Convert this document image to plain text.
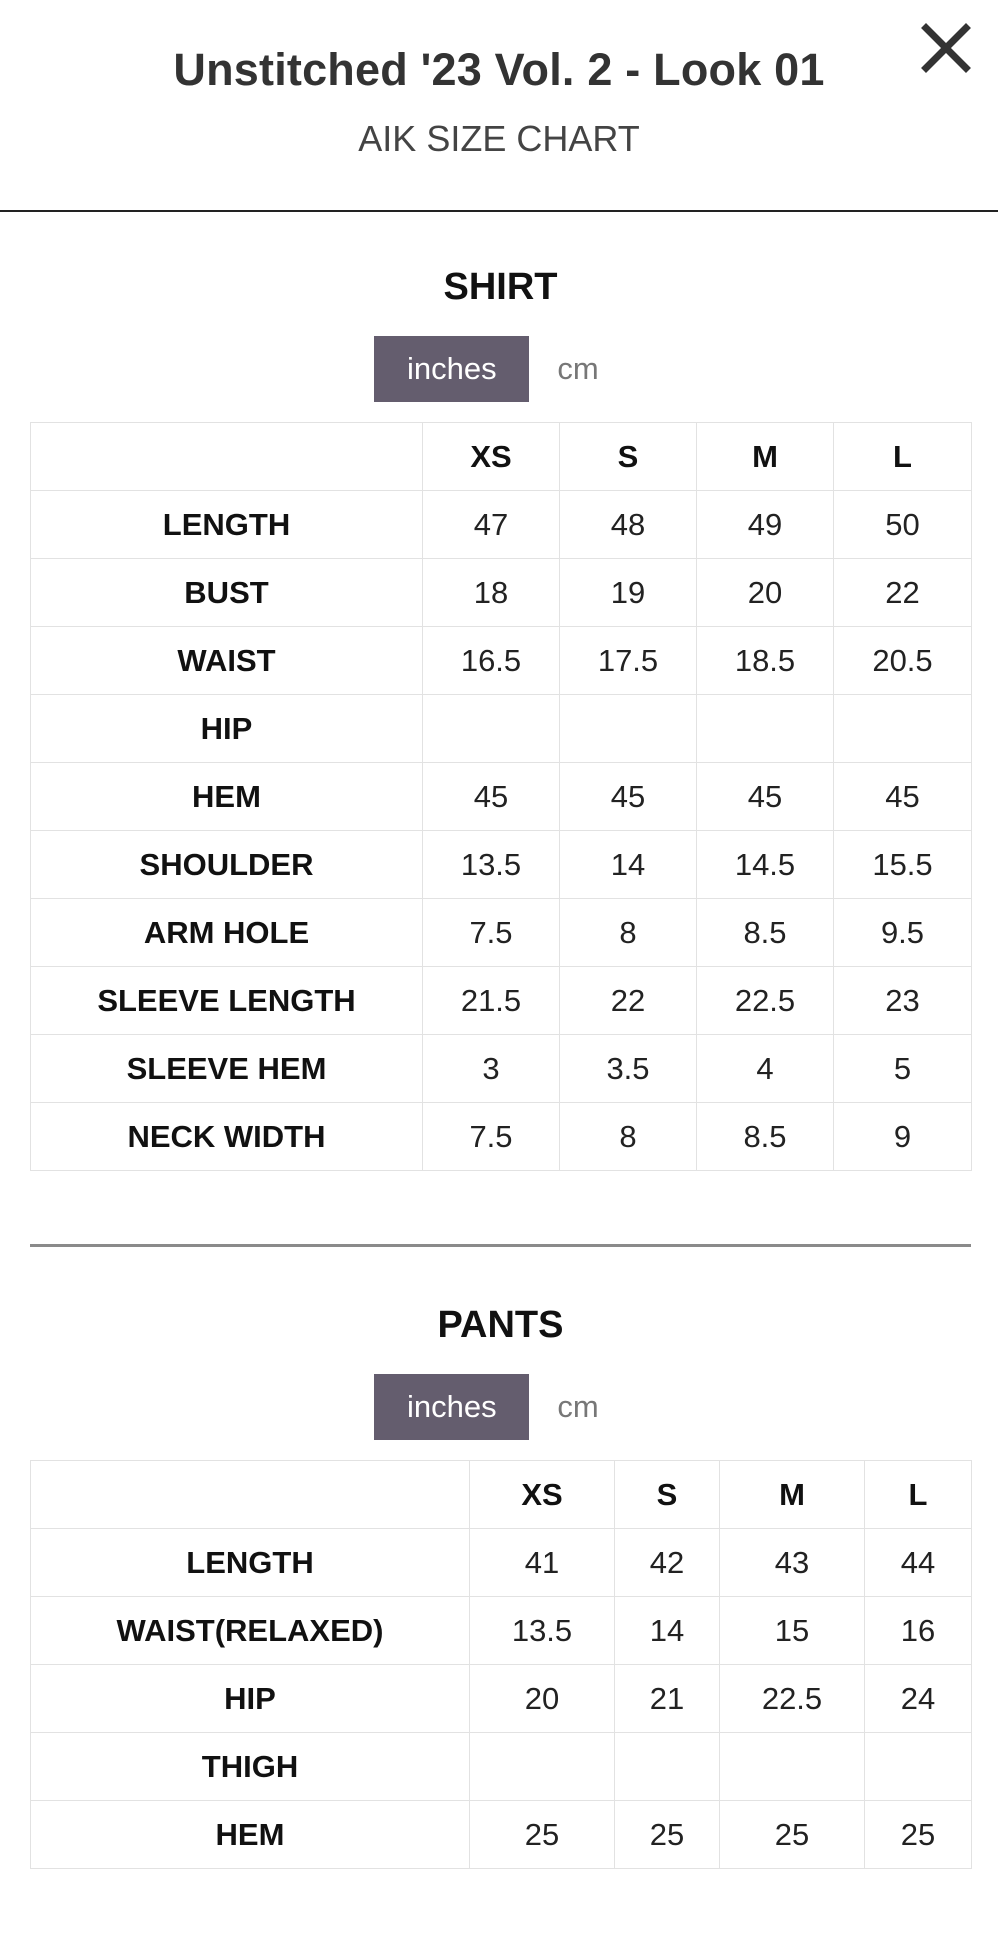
Unstitched '23 Vol. 2 - Look 01
AIK SIZE CHART
SHIRT
inches	cm
	XS	S	M	L
LENGTH	47	48	49	50
BUST	18	19	20	22
WAIST	16.5	17.5	18.5	20.5
HIP				
HEM	45	45	45	45
SHOULDER	13.5	14	14.5	15.5
ARM HOLE	7.5	8	8.5	9.5
SLEEVE LENGTH	21.5	22	22.5	23
SLEEVE HEM	3	3.5	4	5
NECK WIDTH	7.5	8	8.5	9
PANTS
inches	cm
	XS	S	M	L
LENGTH	41	42	43	44
WAIST(RELAXED)	13.5	14	15	16
HIP	20	21	22.5	24
THIGH				
HEM	25	25	25	25
